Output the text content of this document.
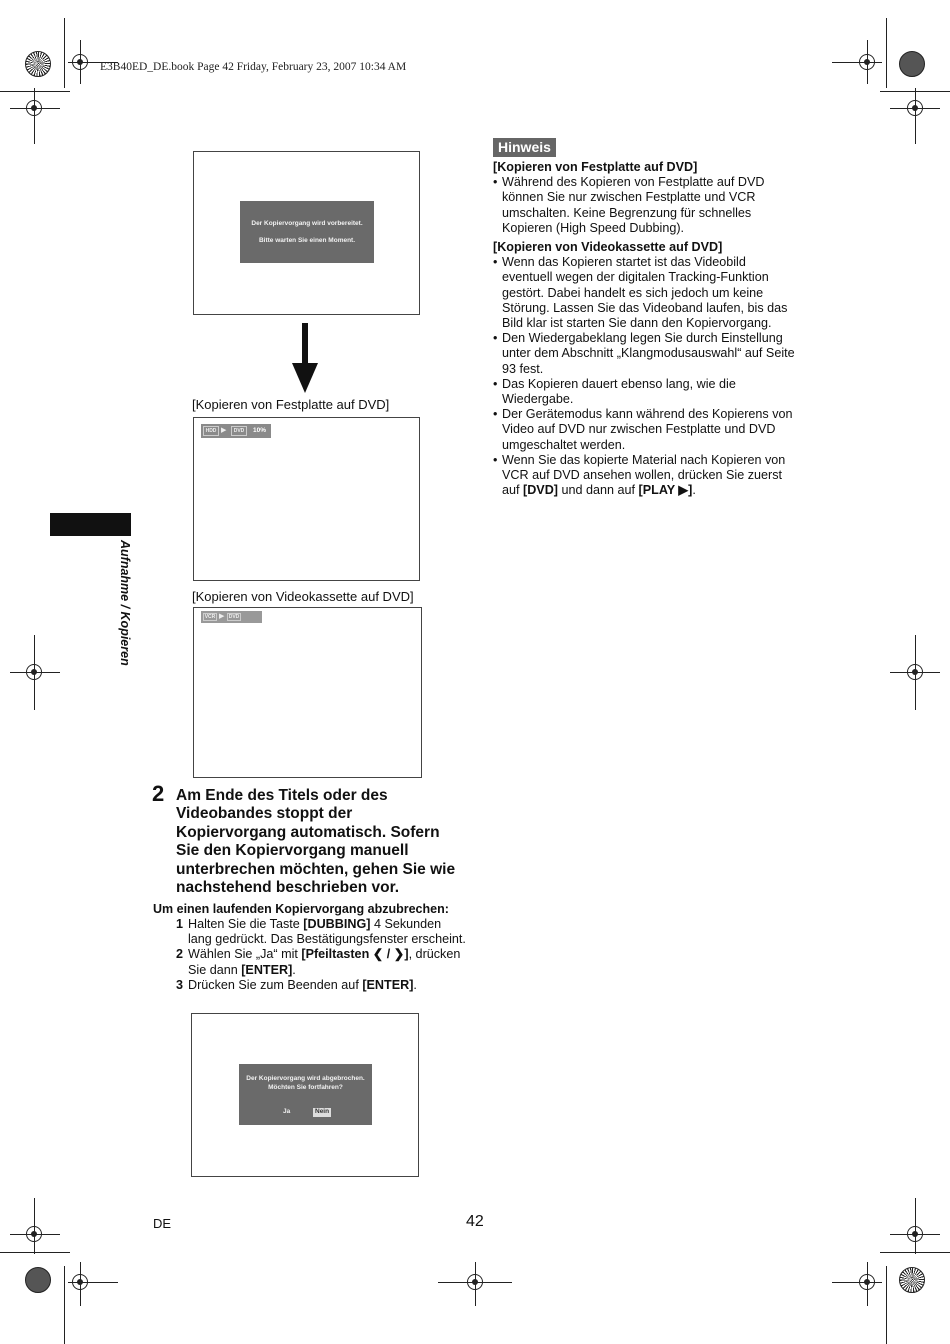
E3B40ED_DE.book Page 42 Friday, February 23, 2007 10:34 AM
Aufnahme / Kopieren
Der Kopiervorgang wird vorbereitet.
Bitte warten Sie einen Moment.
[Kopieren von Festplatte auf DVD]
HDD ▶	DVD	10%
[Kopieren von Videokassette auf DVD]
VCR ▶ DVD
2 Am Ende des Titels oder des Videobandes stoppt der Kopiervorgang automatisch. Sofern Sie den Kopiervorgang manuell unterbrechen möchten, gehen Sie wie nachstehend beschrieben vor.
Um einen laufenden Kopiervorgang abzubrechen:
1 Halten Sie die Taste [DUBBING] 4 Sekunden lang gedrückt. Das Bestätigungsfenster erscheint.
2 Wählen Sie „Ja“ mit [Pfeiltasten ❮ / ❯], drücken Sie dann [ENTER].
3 Drücken Sie zum Beenden auf [ENTER].
Der Kopiervorgang wird abgebrochen.
Möchten Sie fortfahren?
Ja	Nein
Hinweis
[Kopieren von Festplatte auf DVD]
• Während des Kopieren von Festplatte auf DVD können Sie nur zwischen Festplatte und VCR umschalten. Keine Begrenzung für schnelles Kopieren (High Speed Dubbing).
[Kopieren von Videokassette auf DVD]
• Wenn das Kopieren startet ist das Videobild eventuell wegen der digitalen Tracking-Funktion gestört. Dabei handelt es sich jedoch um keine Störung. Lassen Sie das Videoband laufen, bis das Bild klar ist starten Sie dann den Kopiervorgang.
• Den Wiedergabeklang legen Sie durch Einstellung unter dem Abschnitt „Klangmodusauswahl“ auf Seite 93 fest.
• Das Kopieren dauert ebenso lang, wie die Wiedergabe.
• Der Gerätemodus kann während des Kopierens von Video auf DVD nur zwischen Festplatte und DVD umgeschaltet werden.
• Wenn Sie das kopierte Material nach Kopieren von VCR auf DVD ansehen wollen, drücken Sie zuerst auf [DVD] und dann auf [PLAY ▶].
DE	42
